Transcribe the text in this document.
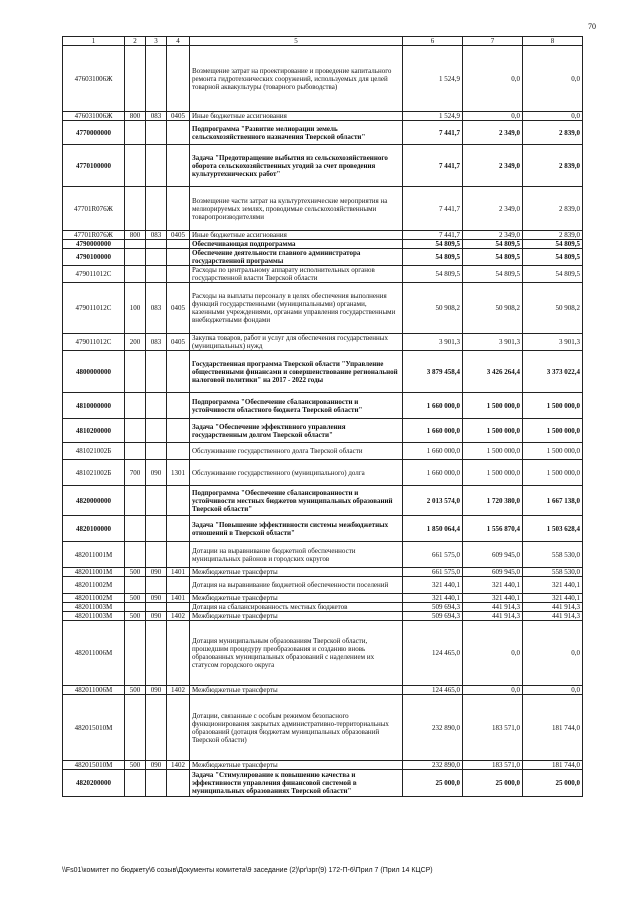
70
1	2	3	4	5	6	7	8
476031006Ж				Возмещение затрат на проектирование и проведение капитального ремонта гидротехнических сооружений, используемых для целей товарной аквакультуры (товарного рыбоводства)	1 524,9	0,0	0,0
476031006Ж	800	083	0405	Иные бюджетные ассигнования	1 524,9	0,0	0,0
4770000000				Подпрограмма "Развитие мелиорации земель сельскохозяйственного назначения Тверской области"	7 441,7	2 349,0	2 839,0
4770100000				Задача "Предотвращение выбытия из сельскохозяйственного оборота сельскохозяйственных угодий за счет проведения культуртехнических работ"	7 441,7	2 349,0	2 839,0
47701R076Ж				Возмещение части затрат на культуртехнические мероприятия на мелиорируемых землях, проводимые сельскохозяйственными товаропроизводителями	7 441,7	2 349,0	2 839,0
47701R076Ж	800	083	0405	Иные бюджетные ассигнования	7 441,7	2 349,0	2 839,0
4790000000				Обеспечивающая подпрограмма	54 809,5	54 809,5	54 809,5
4790100000				Обеспечение деятельности главного администратора государственной программы	54 809,5	54 809,5	54 809,5
479011012С				Расходы по центральному аппарату исполнительных органов государственной власти Тверской области	54 809,5	54 809,5	54 809,5
479011012С	100	083	0405	Расходы на выплаты персоналу в целях обеспечения выполнения функций государственными (муниципальными) органами, казенными учреждениями, органами управления государственными внебюджетными фондами	50 908,2	50 908,2	50 908,2
479011012С	200	083	0405	Закупка товаров, работ и услуг для обеспечения государственных (муниципальных) нужд	3 901,3	3 901,3	3 901,3
4800000000				Государственная программа Тверской области "Управление общественными финансами и совершенствование региональной налоговой политики" на 2017 - 2022 годы	3 879 458,4	3 426 264,4	3 373 022,4
4810000000				Подпрограмма "Обеспечение сбалансированности и устойчивости областного бюджета Тверской области"	1 660 000,0	1 500 000,0	1 500 000,0
4810200000				Задача "Обеспечение эффективного управления государственным долгом Тверской области"	1 660 000,0	1 500 000,0	1 500 000,0
481021002Б				Обслуживание государственного долга Тверской области	1 660 000,0	1 500 000,0	1 500 000,0
481021002Б	700	090	1301	Обслуживание государственного (муниципального) долга	1 660 000,0	1 500 000,0	1 500 000,0
4820000000				Подпрограмма "Обеспечение сбалансированности и устойчивости местных бюджетов муниципальных образований Тверской области"	2 013 574,0	1 720 380,0	1 667 138,0
4820100000				Задача "Повышение эффективности системы межбюджетных отношений в Тверской области"	1 850 064,4	1 556 870,4	1 503 628,4
482011001М				Дотации на выравнивание бюджетной обеспеченности муниципальных районов и городских округов	661 575,0	609 945,0	558 530,0
482011001М	500	090	1401	Межбюджетные трансферты	661 575,0	609 945,0	558 530,0
482011002М				Дотация на выравнивание бюджетной обеспеченности поселений	321 440,1	321 440,1	321 440,1
482011002М	500	090	1401	Межбюджетные трансферты	321 440,1	321 440,1	321 440,1
482011003М				Дотация на сбалансированность местных бюджетов	509 694,3	441 914,3	441 914,3
482011003М	500	090	1402	Межбюджетные трансферты	509 694,3	441 914,3	441 914,3
482011006М				Дотация муниципальным образованиям Тверской области, прошедшим процедуру преобразования и созданию вновь образованных муниципальных образований с наделением их статусом городского округа	124 465,0	0,0	0,0
482011006М	500	090	1402	Межбюджетные трансферты	124 465,0	0,0	0,0
482015010М				Дотации, связанные с особым режимом безопасного функционирования закрытых административно-территориальных образований (дотация бюджетам муниципальных образований Тверской области)	232 890,0	183 571,0	181 744,0
482015010М	500	090	1402	Межбюджетные трансферты	232 890,0	183 571,0	181 744,0
4820200000				Задача "Стимулирование к повышению качества и эффективности управления финансовой системой в муниципальных образованиях Тверской области"	25 000,0	25 000,0	25 000,0
\\Fs01\комитет по бюджету\6 созыв\Документы комитета\9 заседание (2)\рг\зрг(9) 172-П-6\Прил 7 (Прил 14 КЦСР)
